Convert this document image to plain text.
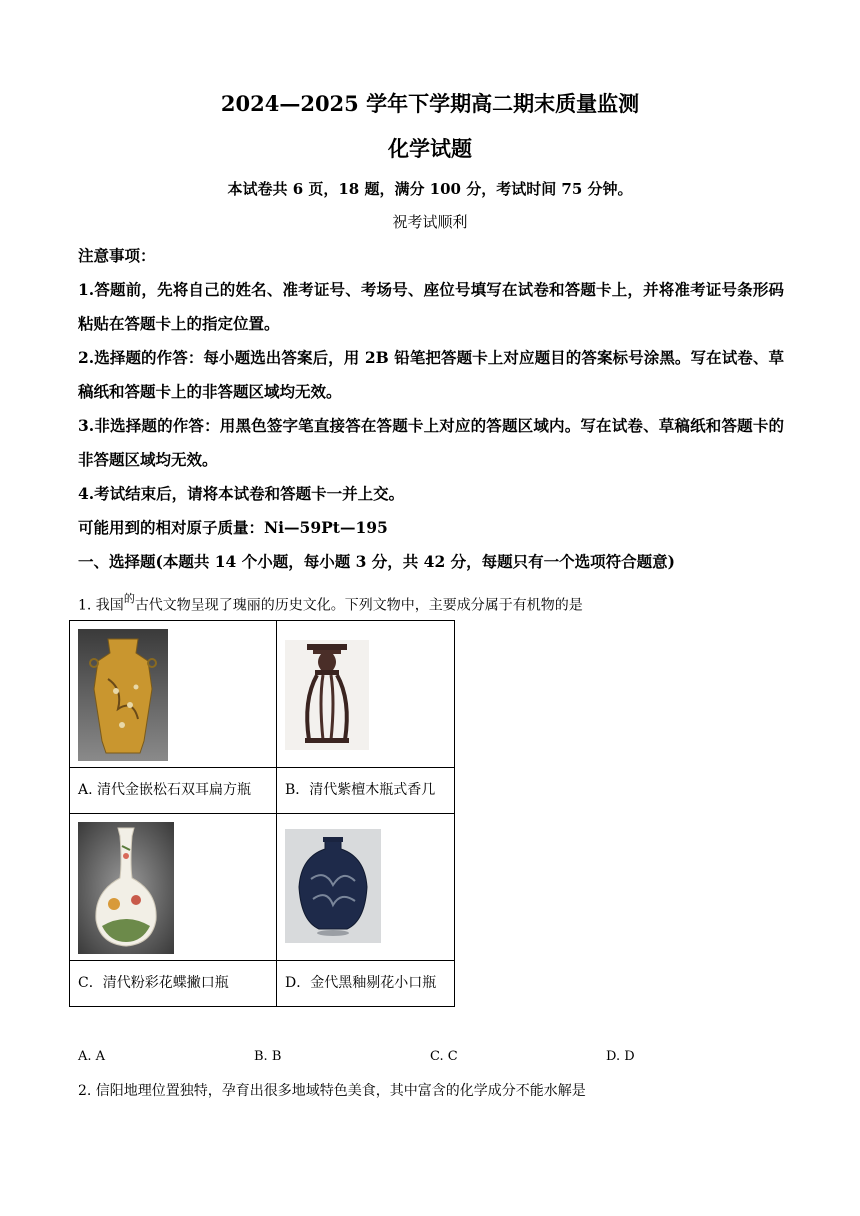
2024—2025 学年下学期高二期末质量监测
化学试题
本试卷共 6 页，18 题，满分 100 分，考试时间 75 分钟。
祝考试顺利
注意事项：
1.答题前，先将自己的姓名、准考证号、考场号、座位号填写在试卷和答题卡上，并将准考证号条形码粘贴在答题卡上的指定位置。
2.选择题的作答：每小题选出答案后，用 2B 铅笔把答题卡上对应题目的答案标号涂黑。写在试卷、草稿纸和答题卡上的非答题区域均无效。
3.非选择题的作答：用黑色签字笔直接答在答题卡上对应的答题区域内。写在试卷、草稿纸和答题卡的非答题区域均无效。
4.考试结束后，请将本试卷和答题卡一并上交。
可能用到的相对原子质量：Ni—59Pt—195
一、选择题(本题共 14 个小题，每小题 3 分，共 42 分，每题只有一个选项符合题意)
1. 我国$^的$古代文物呈现了瑰丽的历史文化。下列文物中，主要成分属于有机物的是

A. 清代金嵌松石双耳扁方瓶	B．清代紫檀木瓶式香几

C．清代粉彩花蝶撇口瓶	D．金代黑釉剔花小口瓶
A. A	B. B	C. C	D. D
2. 信阳地理位置独特，孕育出很多地域特色美食，其中富含的化学成分不能水解是
